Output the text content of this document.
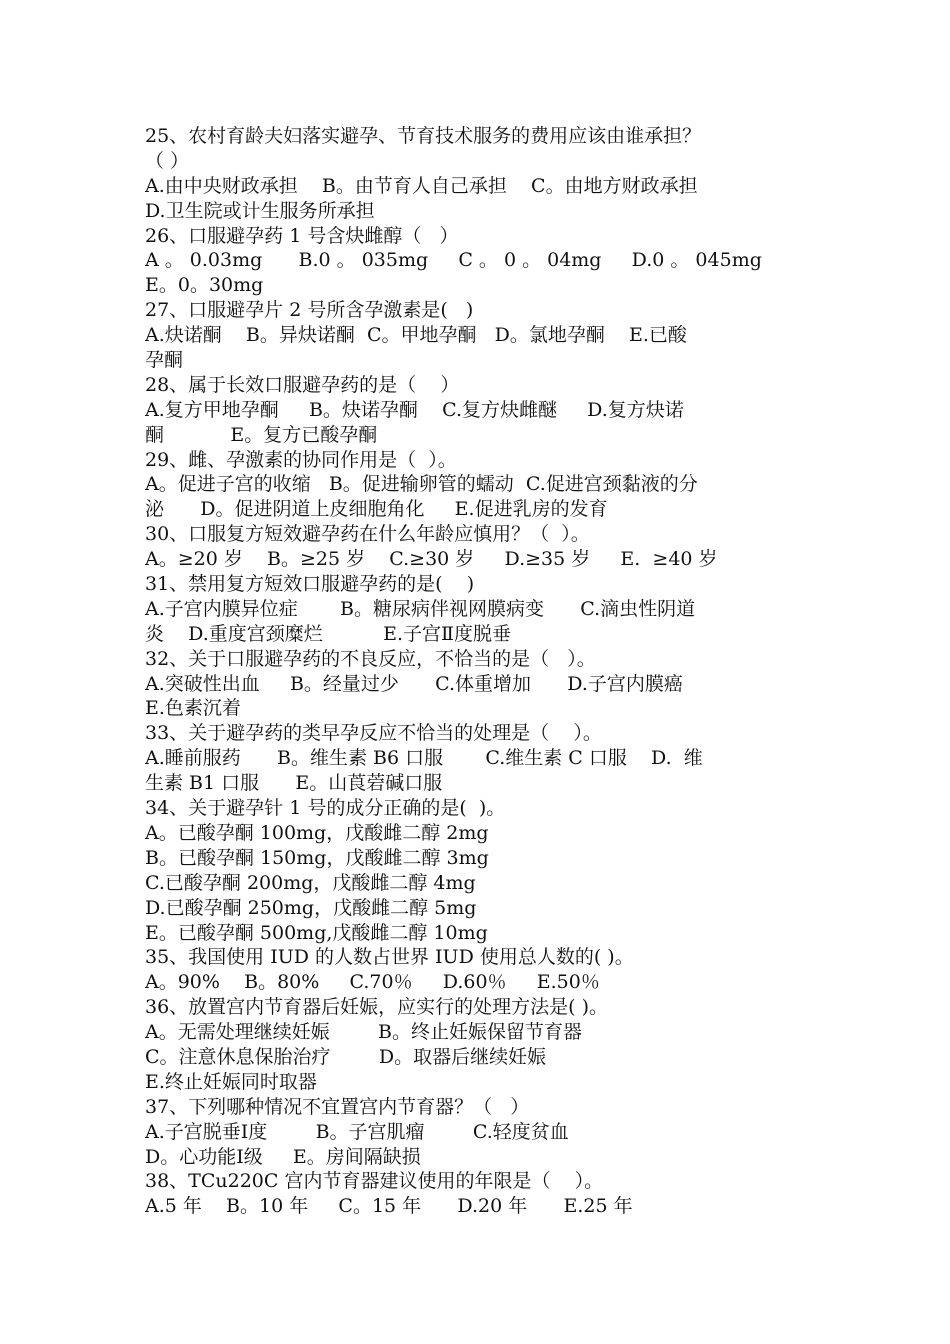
25、农村育龄夫妇落实避孕、节育技术服务的费用应该由谁承担？
（ ）
A.由中央财政承担    B。由节育人自己承担    C。由地方财政承担
D.卫生院或计生服务所承担
26、口服避孕药 1 号含炔雌醇（   ）
A 。 0.03mg      B.0 。 035mg     C 。 0 。 04mg     D.0 。 045mg
E。0。30mg
27、口服避孕片 2 号所含孕激素是(   )
A.炔诺酮    B。异炔诺酮  C。甲地孕酮   D。氯地孕酮    E.已酸
孕酮
28、属于长效口服避孕药的是（    ）
A.复方甲地孕酮     B。炔诺孕酮    C.复方炔雌醚     D.复方炔诺
酮           E。复方已酸孕酮
29、雌、孕激素的协同作用是（  ）。
A。促进子宫的收缩   B。促进输卵管的蠕动  C.促进宫颈黏液的分
泌      D。促进阴道上皮细胞角化     E.促进乳房的发育
30、口服复方短效避孕药在什么年龄应慎用？（  ）。
A。≥20 岁    B。≥25 岁    C.≥30 岁     D.≥35 岁     E.  ≥40 岁
31、禁用复方短效口服避孕药的是(    )
A.子宫内膜异位症       B。糖尿病伴视网膜病变      C.滴虫性阴道
炎    D.重度宫颈糜烂          E.子宫Ⅱ度脱垂
32、关于口服避孕药的不良反应，不恰当的是（   ）。
A.突破性出血     B。经量过少      C.体重增加      D.子宫内膜癌
E.色素沉着
33、关于避孕药的类早孕反应不恰当的处理是（    ）。
A.睡前服药      B。维生素 B6 口服       C.维生素 C 口服    D.  维
生素 B1 口服      E。山莨菪碱口服
34、关于避孕针 1 号的成分正确的是(  )。
A。已酸孕酮 100mg，戊酸雌二醇 2mg
B。已酸孕酮 150mg，戊酸雌二醇 3mg
C.已酸孕酮 200mg，戊酸雌二醇 4mg
D.已酸孕酮 250mg，戊酸雌二醇 5mg
E。已酸孕酮 500mg,戊酸雌二醇 10mg
35、我国使用 IUD 的人数占世界 IUD 使用总人数的( )。
A。90%    B。80%     C.70％     D.60％     E.50％
36、放置宫内节育器后妊娠，应实行的处理方法是( )。
A。无需处理继续妊娠        B。终止妊娠保留节育器
C。注意休息保胎治疗        D。取器后继续妊娠
E.终止妊娠同时取器
37、下列哪种情况不宜置宫内节育器？（   ）
A.子宫脱垂Ⅰ度        B。子宫肌瘤        C.轻度贫血
D。心功能Ⅰ级     E。房间隔缺损
38、TCu220C 宫内节育器建议使用的年限是（    ）。
A.5 年    B。10 年     C。15 年      D.20 年      E.25 年
